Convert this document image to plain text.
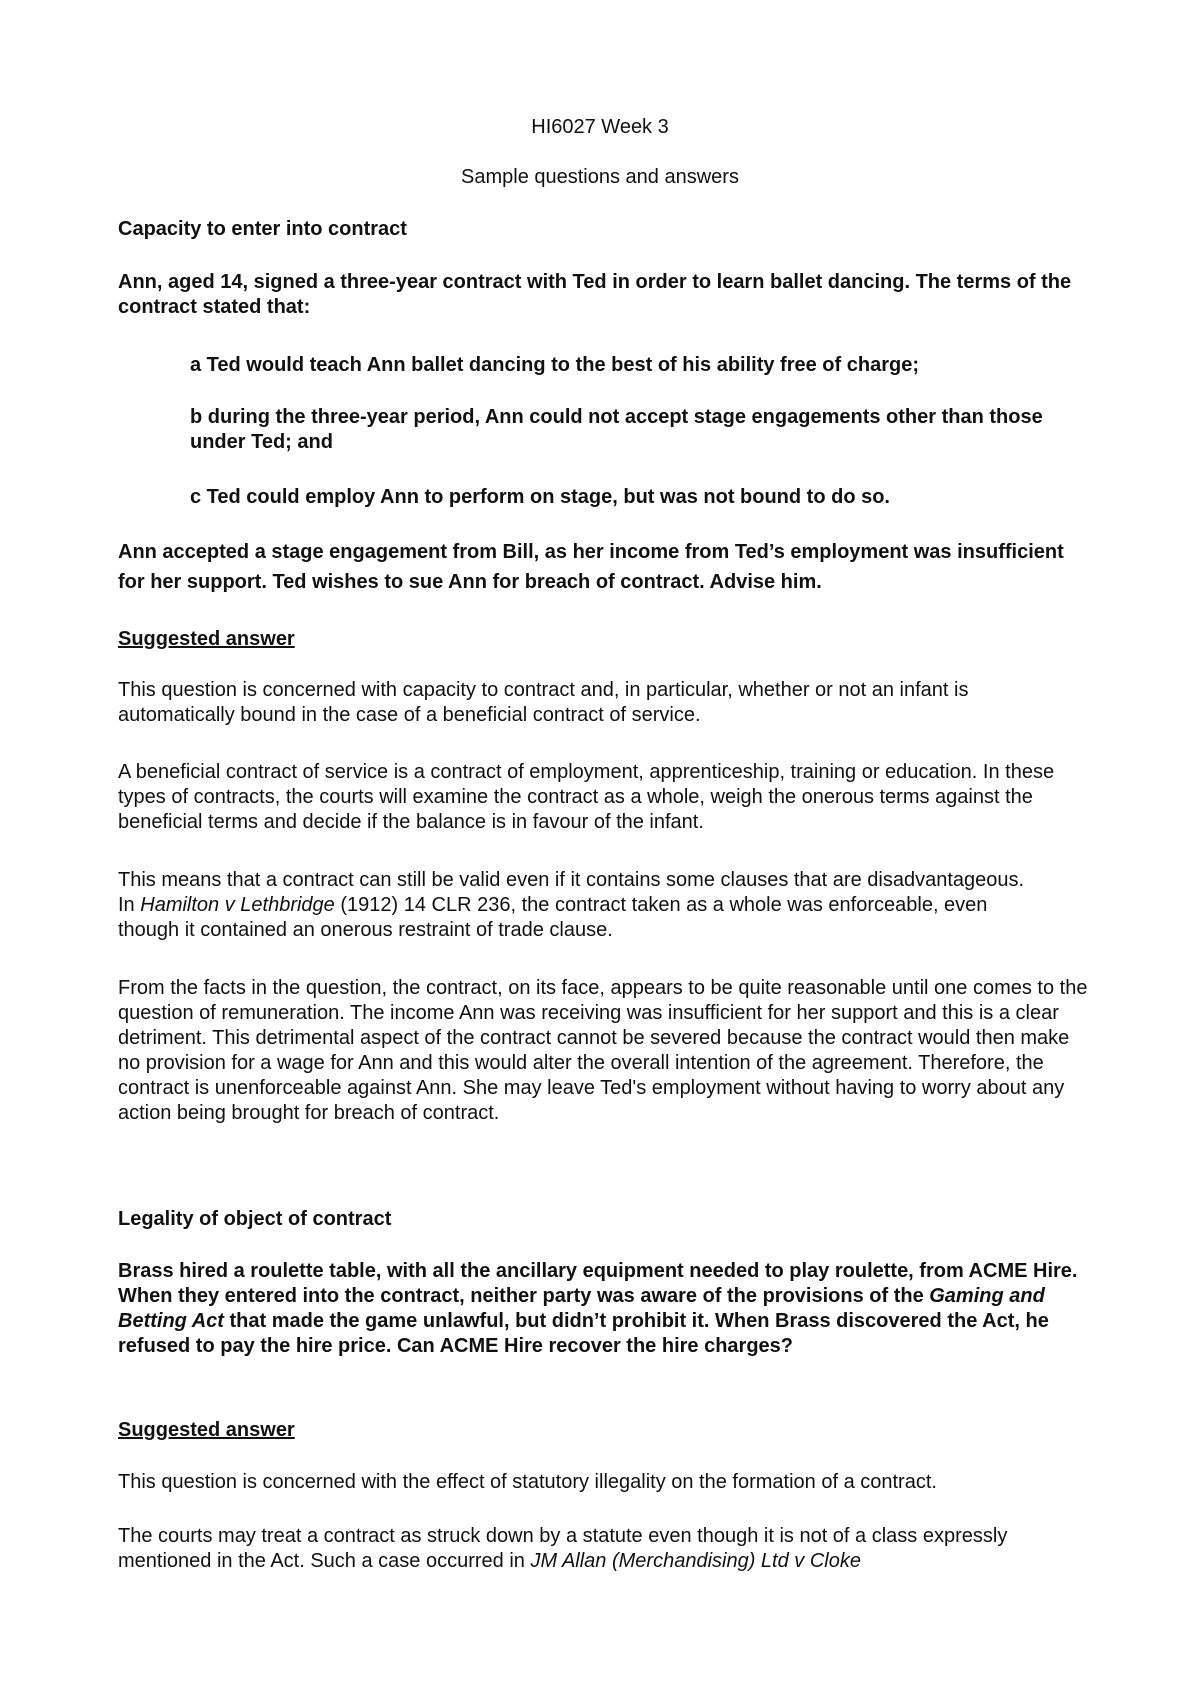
HI6027 Week 3

Sample questions and answers

Capacity to enter into contract

Ann, aged 14, signed a three-year contract with Ted in order to learn ballet dancing. The terms of the contract stated that:

a Ted would teach Ann ballet dancing to the best of his ability free of charge;

b during the three-year period, Ann could not accept stage engagements other than those under Ted; and

c Ted could employ Ann to perform on stage, but was not bound to do so.

Ann accepted a stage engagement from Bill, as her income from Ted’s employment was insufficient for her support. Ted wishes to sue Ann for breach of contract. Advise him.

Suggested answer

This question is concerned with capacity to contract and, in particular, whether or not an infant is automatically bound in the case of a beneficial contract of service.

A beneficial contract of service is a contract of employment, apprenticeship, training or education. In these types of contracts, the courts will examine the contract as a whole, weigh the onerous terms against the beneficial terms and decide if the balance is in favour of the infant.

This means that a contract can still be valid even if it contains some clauses that are disadvantageous. In Hamilton v Lethbridge (1912) 14 CLR 236, the contract taken as a whole was enforceable, even though it contained an onerous restraint of trade clause.

From the facts in the question, the contract, on its face, appears to be quite reasonable until one comes to the question of remuneration. The income Ann was receiving was insufficient for her support and this is a clear detriment. This detrimental aspect of the contract cannot be severed because the contract would then make no provision for a wage for Ann and this would alter the overall intention of the agreement. Therefore, the contract is unenforceable against Ann. She may leave Ted's employment without having to worry about any action being brought for breach of contract.

Legality of object of contract

Brass hired a roulette table, with all the ancillary equipment needed to play roulette, from ACME Hire. When they entered into the contract, neither party was aware of the provisions of the Gaming and Betting Act that made the game unlawful, but didn’t prohibit it. When Brass discovered the Act, he refused to pay the hire price. Can ACME Hire recover the hire charges?

Suggested answer

This question is concerned with the effect of statutory illegality on the formation of a contract.

The courts may treat a contract as struck down by a statute even though it is not of a class expressly mentioned in the Act. Such a case occurred in JM Allan (Merchandising) Ltd v Cloke
